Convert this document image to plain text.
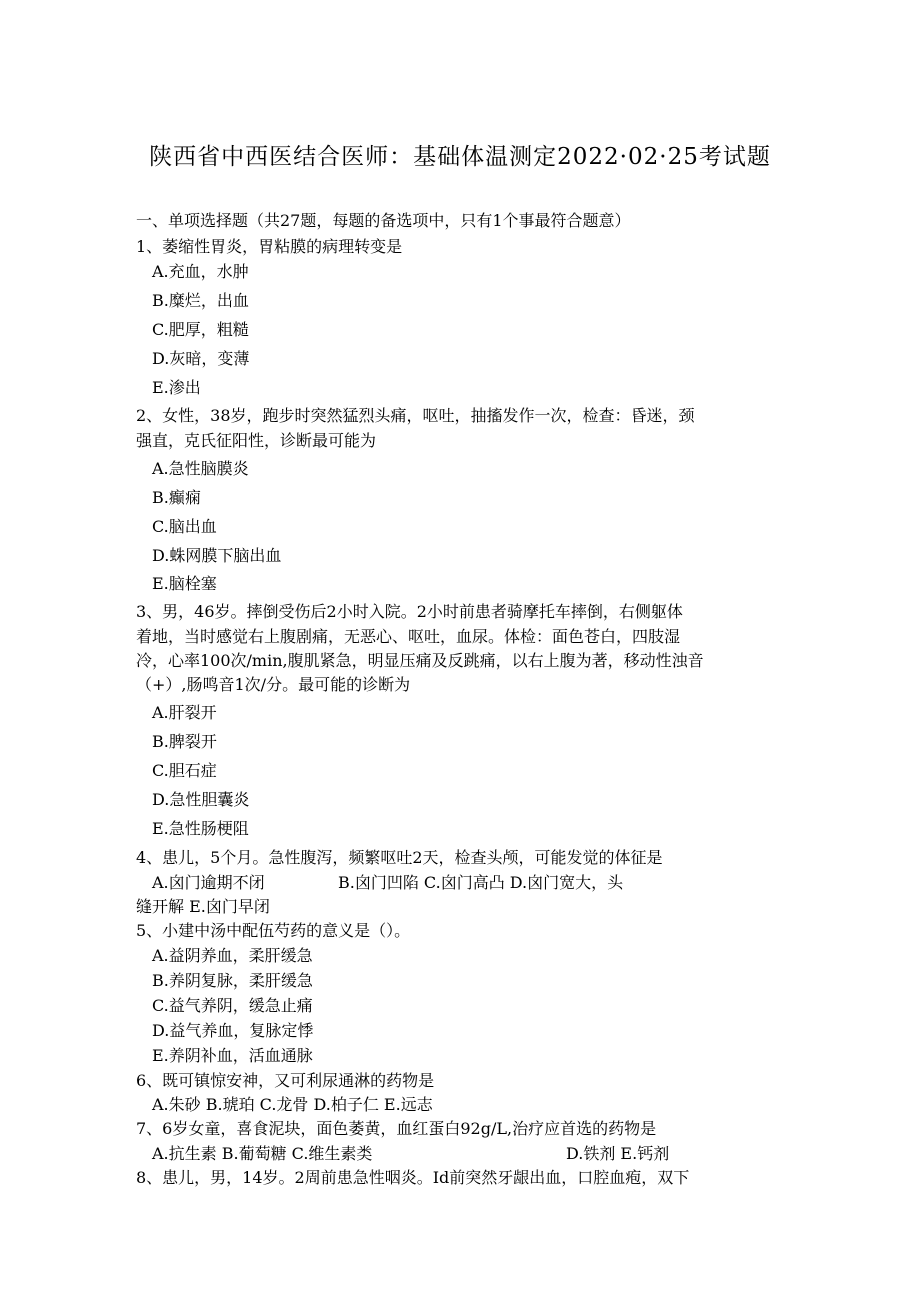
陕西省中西医结合医师：基础体温测定2022·02·25考试题
一、单项选择题（共27题，每题的备选项中，只有1个事最符合题意）
1、萎缩性胃炎，胃粘膜的病理转变是
A.充血，水肿
B.糜烂，出血
C.肥厚，粗糙
D.灰暗，变薄
E.渗出
2、女性，38岁，跑步时突然猛烈头痛，呕吐，抽搐发作一次，检查：昏迷，颈
强直，克氏征阳性，诊断最可能为
A.急性脑膜炎
B.癫痫
C.脑出血
D.蛛网膜下脑出血
E.脑栓塞
3、男，46岁。摔倒受伤后2小时入院。2小时前患者骑摩托车摔倒，右侧躯体
着地，当时感觉右上腹剧痛，无恶心、呕吐，血尿。体检：面色苍白，四肢湿
冷，心率100次/min,腹肌紧急，明显压痛及反跳痛，以右上腹为著，移动性浊音
（+）,肠鸣音1次/分。最可能的诊断为
A.肝裂开
B.脾裂开
C.胆石症
D.急性胆囊炎
E.急性肠梗阻
4、患儿，5个月。急性腹泻，频繁呕吐2天，检查头颅，可能发觉的体征是
A.囟门逾期不闭	B.囟门凹陷 C.囟门高凸 D.囟门宽大，头
缝开解 E.囟门早闭
5、小建中汤中配伍芍药的意义是（）。
A.益阴养血，柔肝缓急
B.养阴复脉，柔肝缓急
C.益气养阴，缓急止痛
D.益气养血，复脉定悸
E.养阴补血，活血通脉
6、既可镇惊安神，又可利尿通淋的药物是
A.朱砂 B.琥珀 C.龙骨 D.柏子仁 E.远志
7、6岁女童，喜食泥块，面色萎黄，血红蛋白92g/L,治疗应首选的药物是
A.抗生素 B.葡萄糖 C.维生素类	D.铁剂 E.钙剂
8、患儿，男，14岁。2周前患急性咽炎。Id前突然牙龈出血，口腔血疱，双下
